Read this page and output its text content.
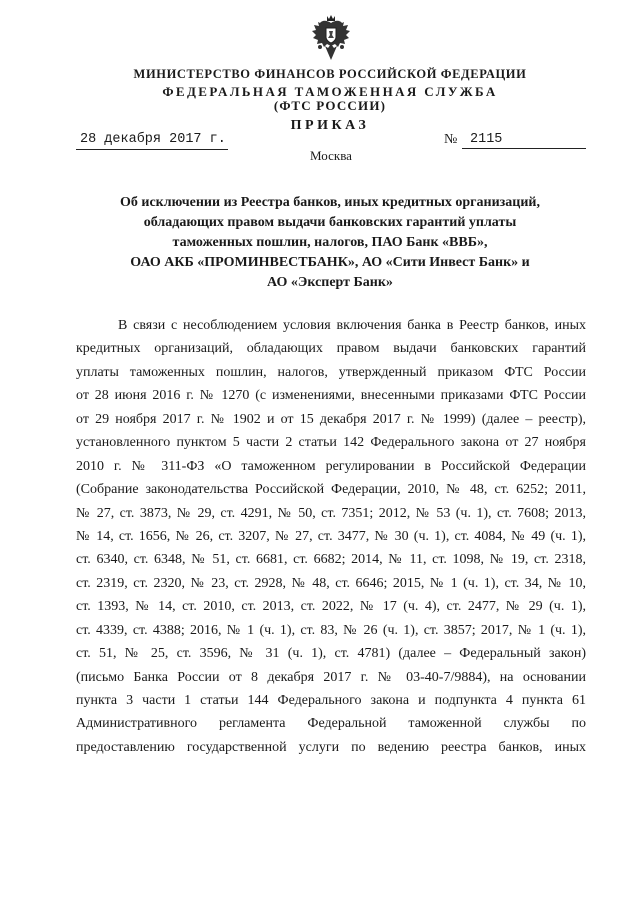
МИНИСТЕРСТВО ФИНАНСОВ РОССИЙСКОЙ ФЕДЕРАЦИИ
ФЕДЕРАЛЬНАЯ ТАМОЖЕННАЯ СЛУЖБА
(ФТС РОССИИ)
ПРИКАЗ
28 декабря 2017 г.	№ 2115
Москва
Об исключении из Реестра банков, иных кредитных организаций,
обладающих правом выдачи банковских гарантий уплаты
таможенных пошлин, налогов, ПАО Банк «ВВБ»,
ОАО АКБ «ПРОМИНВЕСТБАНК», АО «Сити Инвест Банк» и
АО «Эксперт Банк»
В связи с несоблюдением условия включения банка в Реестр банков, иных
кредитных организаций, обладающих правом выдачи банковских гарантий
уплаты таможенных пошлин, налогов, утвержденный приказом ФТС России
от 28 июня 2016 г. № 1270 (с изменениями, внесенными приказами ФТС России
от 29 ноября 2017 г. № 1902 и от 15 декабря 2017 г. № 1999) (далее – реестр),
установленного пунктом 5 части 2 статьи 142 Федерального закона от 27 ноября
2010 г. № 311-ФЗ «О таможенном регулировании в Российской Федерации
(Собрание законодательства Российской Федерации, 2010, № 48, ст. 6252; 2011,
№ 27, ст. 3873, № 29, ст. 4291, № 50, ст. 7351; 2012, № 53 (ч. 1), ст. 7608; 2013,
№ 14, ст. 1656, № 26, ст. 3207, № 27, ст. 3477, № 30 (ч. 1), ст. 4084, № 49 (ч. 1),
ст. 6340, ст. 6348, № 51, ст. 6681, ст. 6682; 2014, № 11, ст. 1098, № 19, ст. 2318,
ст. 2319, ст. 2320, № 23, ст. 2928, № 48, ст. 6646; 2015, № 1 (ч. 1), ст. 34, № 10,
ст. 1393, № 14, ст. 2010, ст. 2013, ст. 2022, № 17 (ч. 4), ст. 2477, № 29 (ч. 1),
ст. 4339, ст. 4388; 2016, № 1 (ч. 1), ст. 83, № 26 (ч. 1), ст. 3857; 2017, № 1 (ч. 1),
ст. 51, № 25, ст. 3596, № 31 (ч. 1), ст. 4781) (далее – Федеральный закон)
(письмо Банка России от 8 декабря 2017 г. № 03-40-7/9884), на основании
пункта 3 части 1 статьи 144 Федерального закона и подпункта 4 пункта 61
Административного регламента Федеральной таможенной службы по
предоставлению государственной услуги по ведению реестра банков, иных
